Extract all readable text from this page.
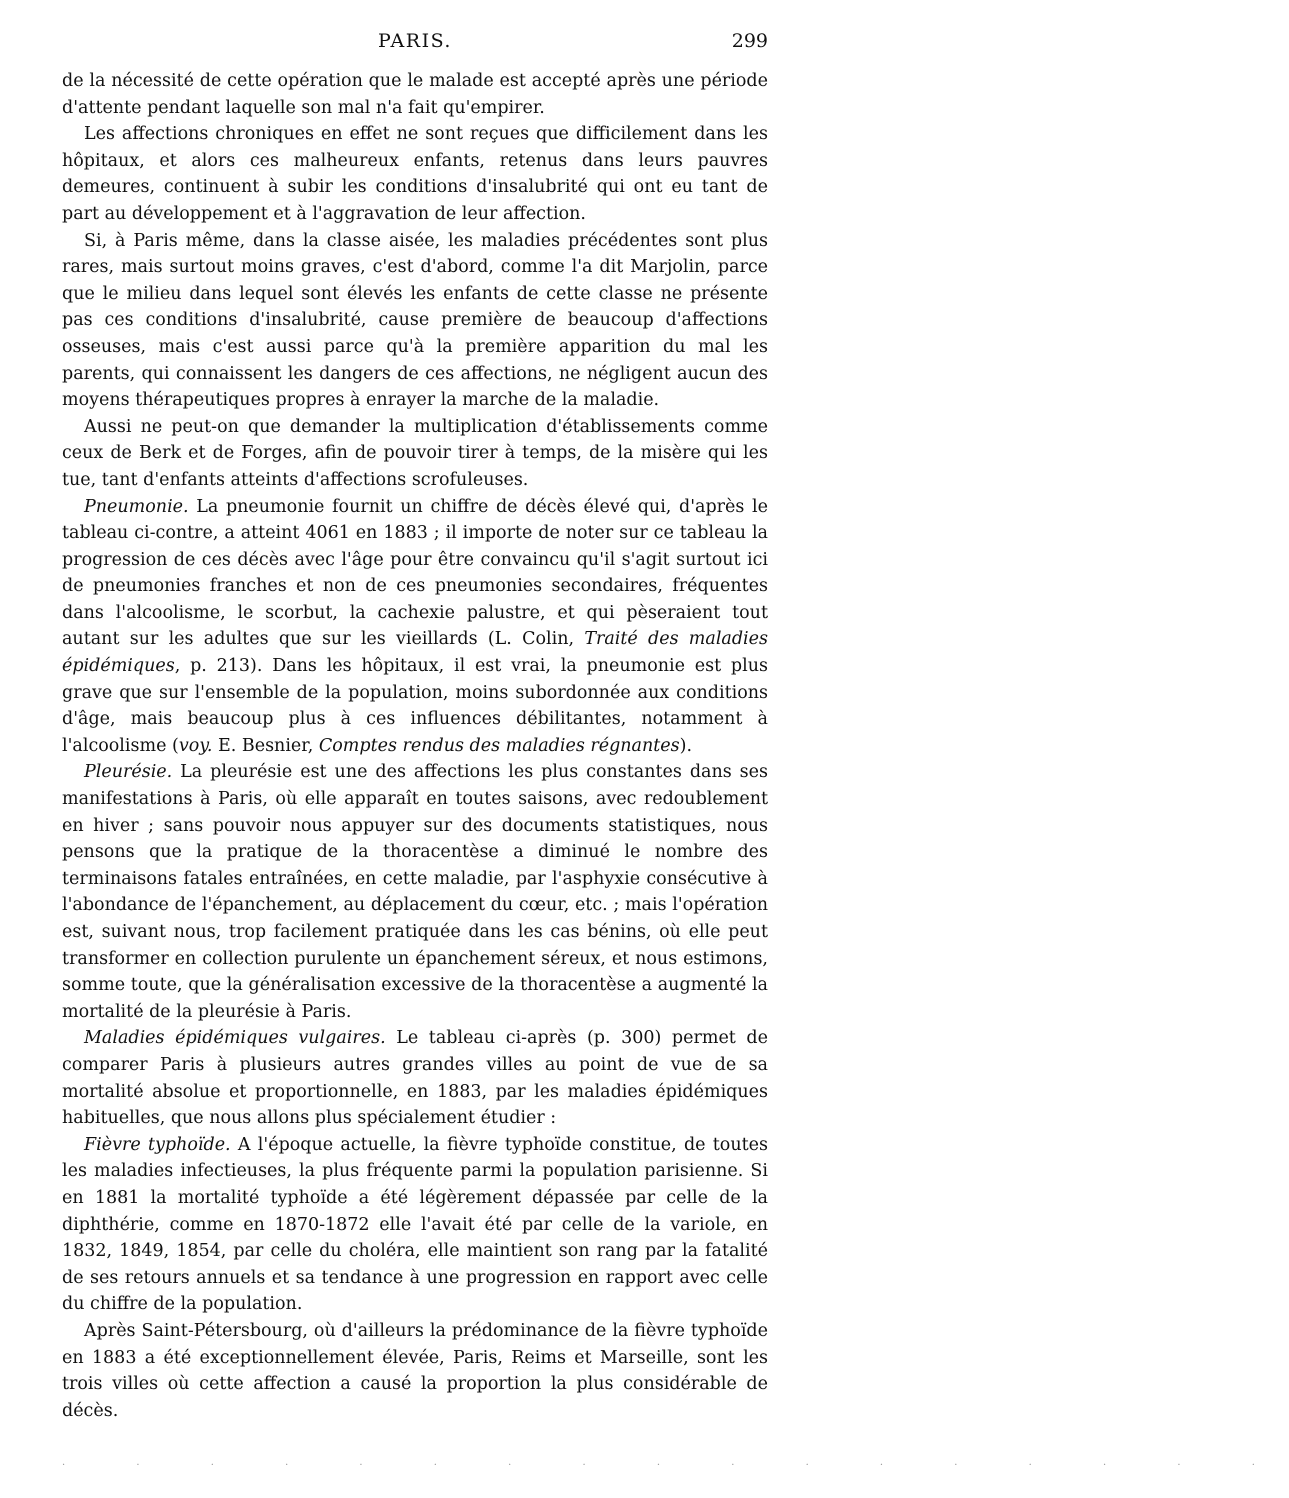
PARIS.	299

de la nécessité de cette opération que le malade est accepté après une période d'attente pendant laquelle son mal n'a fait qu'empirer.

Les affections chroniques en effet ne sont reçues que difficilement dans les hôpitaux, et alors ces malheureux enfants, retenus dans leurs pauvres demeures, continuent à subir les conditions d'insalubrité qui ont eu tant de part au développement et à l'aggravation de leur affection.

Si, à Paris même, dans la classe aisée, les maladies précédentes sont plus rares, mais surtout moins graves, c'est d'abord, comme l'a dit Marjolin, parce que le milieu dans lequel sont élevés les enfants de cette classe ne présente pas ces conditions d'insalubrité, cause première de beaucoup d'affections osseuses, mais c'est aussi parce qu'à la première apparition du mal les parents, qui connaissent les dangers de ces affections, ne négligent aucun des moyens thérapeutiques propres à enrayer la marche de la maladie.

Aussi ne peut-on que demander la multiplication d'établissements comme ceux de Berk et de Forges, afin de pouvoir tirer à temps, de la misère qui les tue, tant d'enfants atteints d'affections scrofuleuses.

Pneumonie. La pneumonie fournit un chiffre de décès élevé qui, d'après le tableau ci-contre, a atteint 4061 en 1883 ; il importe de noter sur ce tableau la progression de ces décès avec l'âge pour être convaincu qu'il s'agit surtout ici de pneumonies franches et non de ces pneumonies secondaires, fréquentes dans l'alcoolisme, le scorbut, la cachexie palustre, et qui pèseraient tout autant sur les adultes que sur les vieillards (L. Colin, Traité des maladies épidémiques, p. 213). Dans les hôpitaux, il est vrai, la pneumonie est plus grave que sur l'ensemble de la population, moins subordonnée aux conditions d'âge, mais beaucoup plus à ces influences débilitantes, notamment à l'alcoolisme (voy. E. Besnier, Comptes rendus des maladies régnantes).

Pleurésie. La pleurésie est une des affections les plus constantes dans ses manifestations à Paris, où elle apparaît en toutes saisons, avec redoublement en hiver ; sans pouvoir nous appuyer sur des documents statistiques, nous pensons que la pratique de la thoracentèse a diminué le nombre des terminaisons fatales entraînées, en cette maladie, par l'asphyxie consécutive à l'abondance de l'épanchement, au déplacement du cœur, etc. ; mais l'opération est, suivant nous, trop facilement pratiquée dans les cas bénins, où elle peut transformer en collection purulente un épanchement séreux, et nous estimons, somme toute, que la généralisation excessive de la thoracentèse a augmenté la mortalité de la pleurésie à Paris.

Maladies épidémiques vulgaires. Le tableau ci-après (p. 300) permet de comparer Paris à plusieurs autres grandes villes au point de vue de sa mortalité absolue et proportionnelle, en 1883, par les maladies épidémiques habituelles, que nous allons plus spécialement étudier :

Fièvre typhoïde. A l'époque actuelle, la fièvre typhoïde constitue, de toutes les maladies infectieuses, la plus fréquente parmi la population parisienne. Si en 1881 la mortalité typhoïde a été légèrement dépassée par celle de la diphthérie, comme en 1870-1872 elle l'avait été par celle de la variole, en 1832, 1849, 1854, par celle du choléra, elle maintient son rang par la fatalité de ses retours annuels et sa tendance à une progression en rapport avec celle du chiffre de la population.

Après Saint-Pétersbourg, où d'ailleurs la prédominance de la fièvre typhoïde en 1883 a été exceptionnellement élevée, Paris, Reims et Marseille, sont les trois villes où cette affection a causé la proportion la plus considérable de décès.

· · · · · · · · · · · · · · · · ·
